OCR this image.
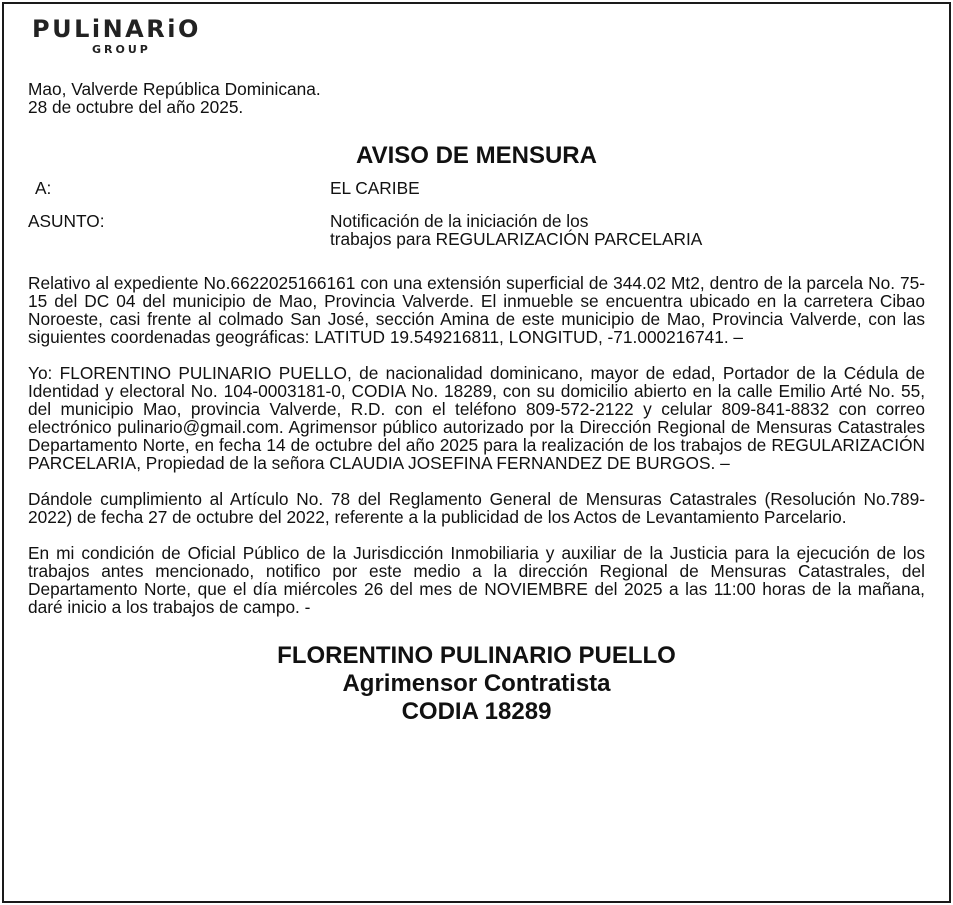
PULiNARiO
GROUP
Mao, Valverde República Dominicana.
28 de octubre del año 2025.
AVISO DE MENSURA
A:	EL CARIBE
ASUNTO:	Notificación de la iniciación de los
trabajos para REGULARIZACIÓN PARCELARIA

Relativo al expediente No.6622025166161 con una extensión superficial de 344.02 Mt2, dentro de la parcela No. 75-15 del DC 04 del municipio de Mao, Provincia Valverde. El inmueble se encuentra ubicado en la carretera Cibao Noroeste, casi frente al colmado San José, sección Amina de este municipio de Mao, Provincia Valverde, con las siguientes coordenadas geográficas: LATITUD 19.549216811, LONGITUD, -71.000216741. –

Yo: FLORENTINO PULINARIO PUELLO, de nacionalidad dominicano, mayor de edad, Portador de la Cédula de Identidad y electoral No. 104-0003181-0, CODIA No. 18289, con su domicilio abierto en la calle Emilio Arté No. 55, del municipio Mao, provincia Valverde, R.D. con el teléfono 809-572-2122 y celular 809-841-8832 con correo electrónico pulinario@gmail.com. Agrimensor público autorizado por la Dirección Regional de Mensuras Catastrales Departamento Norte, en fecha 14 de octubre del año 2025 para la realización de los trabajos de REGULARIZACIÓN PARCELARIA, Propiedad de la señora CLAUDIA JOSEFINA FERNANDEZ DE BURGOS. –

Dándole cumplimiento al Artículo No. 78 del Reglamento General de Mensuras Catastrales (Resolución No.789-2022) de fecha 27 de octubre del 2022, referente a la publicidad de los Actos de Levantamiento Parcelario.

En mi condición de Oficial Público de la Jurisdicción Inmobiliaria y auxiliar de la Justicia para la ejecución de los trabajos antes mencionado, notifico por este medio a la dirección Regional de Mensuras Catastrales, del Departamento Norte, que el día miércoles 26 del mes de NOVIEMBRE del 2025 a las 11:00 horas de la mañana, daré inicio a los trabajos de campo. -

FLORENTINO PULINARIO PUELLO
Agrimensor Contratista
CODIA 18289
